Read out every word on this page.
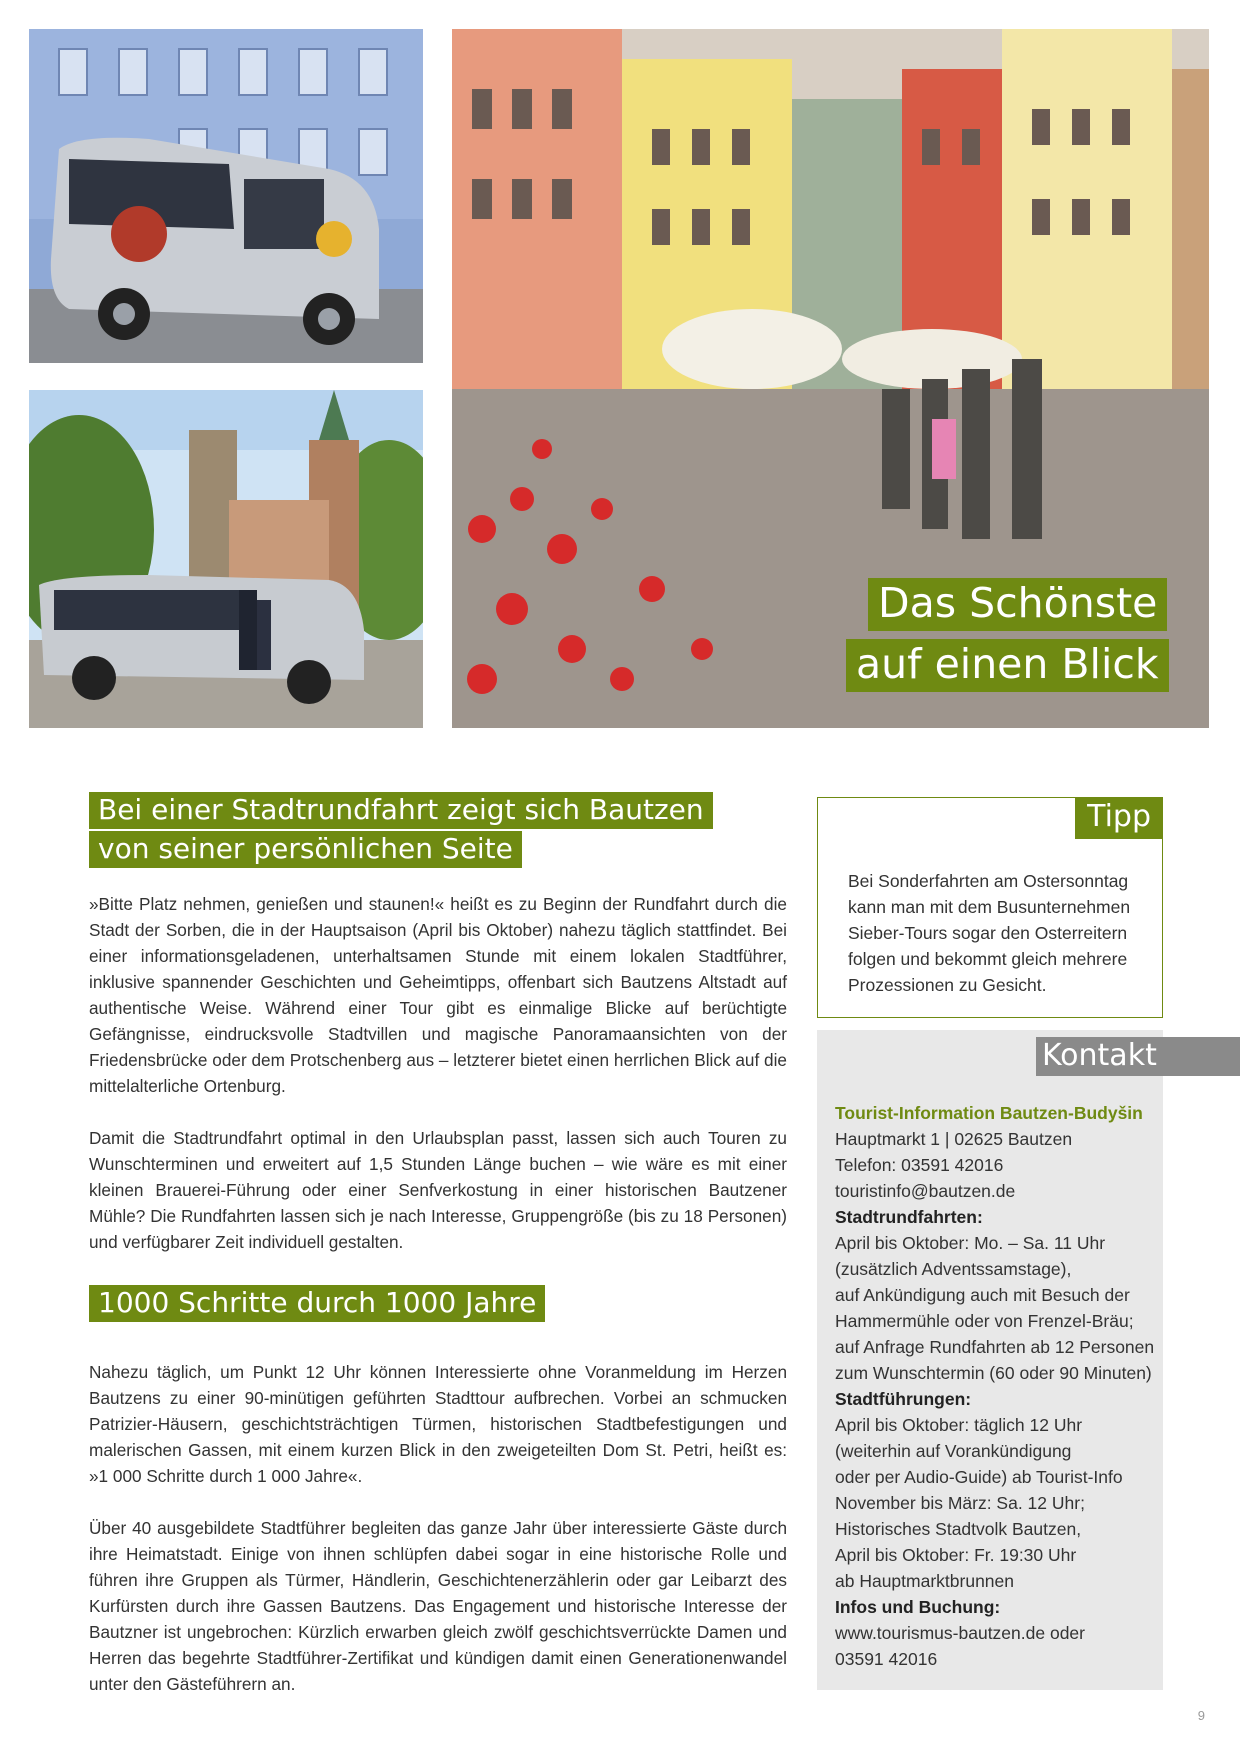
Das Schönste
auf einen Blick
Bei einer Stadtrundfahrt zeigt sich Bautzen
von seiner persönlichen Seite

»Bitte Platz nehmen, genießen und staunen!« heißt es zu Beginn der Rundfahrt durch die Stadt der Sorben, die in der Hauptsaison (April bis Oktober) nahezu täglich stattfindet. Bei einer informationsgeladenen, unterhaltsamen Stunde mit einem lokalen Stadtführer, inklusive spannender Geschichten und Geheimtipps, offenbart sich Bautzens Altstadt auf authentische Weise. Während einer Tour gibt es einmalige Blicke auf berüchtigte Gefängnisse, eindrucksvolle Stadtvillen und magische Panoramaansichten von der Friedensbrücke oder dem Protschenberg aus – letzterer bietet einen herrlichen Blick auf die mittelalterliche Ortenburg.

Damit die Stadtrundfahrt optimal in den Urlaubsplan passt, lassen sich auch Touren zu Wunschterminen und erweitert auf 1,5 Stunden Länge buchen – wie wäre es mit einer kleinen Brauerei-Führung oder einer Senfverkostung in einer historischen Bautzener Mühle? Die Rundfahrten lassen sich je nach Interesse, Gruppengröße (bis zu 18 Personen) und verfügbarer Zeit individuell gestalten.

1000 Schritte durch 1000 Jahre

Nahezu täglich, um Punkt 12 Uhr können Interessierte ohne Voranmeldung im Herzen Bautzens zu einer 90-minütigen geführten Stadttour aufbrechen. Vorbei an schmucken Patrizier-Häusern, geschichtsträchtigen Türmen, historischen Stadtbefestigungen und malerischen Gassen, mit einem kurzen Blick in den zweigeteilten Dom St. Petri, heißt es: »1 000 Schritte durch 1 000 Jahre«.

Über 40 ausgebildete Stadtführer begleiten das ganze Jahr über interessierte Gäste durch ihre Heimatstadt. Einige von ihnen schlüpfen dabei sogar in eine historische Rolle und führen ihre Gruppen als Türmer, Händlerin, Geschichtenerzählerin oder gar Leibarzt des Kurfürsten durch ihre Gassen Bautzens. Das Engagement und historische Interesse der Bautzner ist ungebrochen: Kürzlich erwarben gleich zwölf geschichtsverrückte Damen und Herren das begehrte Stadtführer-Zertifikat und kündigen damit einen Generationenwandel unter den Gästeführern an.

Tipp
Bei Sonderfahrten am Ostersonntag kann man mit dem Busunternehmen Sieber-Tours sogar den Osterreitern folgen und bekommt gleich mehrere Prozessionen zu Gesicht.
Kontakt
Tourist-Information Bautzen-Budyšin
Hauptmarkt 1 | 02625 Bautzen
Telefon: 03591 42016
touristinfo@bautzen.de
Stadtrundfahrten:
April bis Oktober: Mo. – Sa. 11 Uhr
(zusätzlich Adventssamstage),
auf Ankündigung auch mit Besuch der
Hammermühle oder von Frenzel-Bräu;
auf Anfrage Rundfahrten ab 12 Personen
zum Wunschtermin (60 oder 90 Minuten)
Stadtführungen:
April bis Oktober: täglich 12 Uhr
(weiterhin auf Vorankündigung
oder per Audio-Guide) ab Tourist-Info
November bis März: Sa. 12 Uhr;
Historisches Stadtvolk Bautzen,
April bis Oktober: Fr. 19:30 Uhr
ab Hauptmarktbrunnen
Infos und Buchung:
www.tourismus-bautzen.de oder
03591 42016
9
